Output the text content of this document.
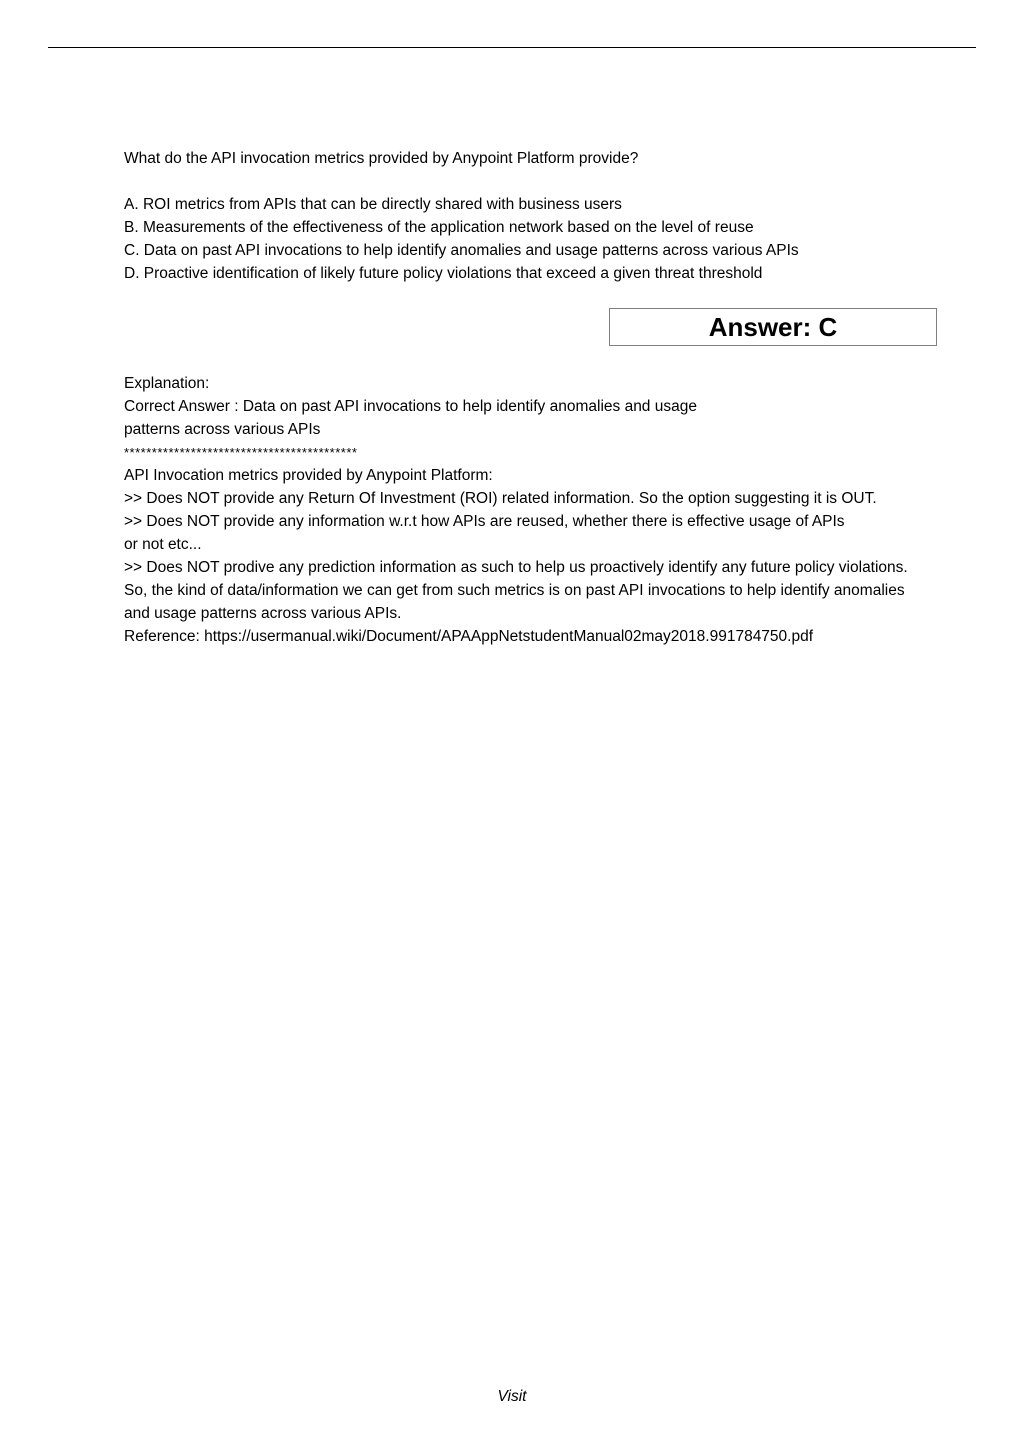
What do the API invocation metrics provided by Anypoint Platform provide?
A. ROI metrics from APIs that can be directly shared with business users
B. Measurements of the effectiveness of the application network based on the level of reuse
C. Data on past API invocations to help identify anomalies and usage patterns across various APIs
D. Proactive identification of likely future policy violations that exceed a given threat threshold
Answer: C
Explanation:
Correct Answer : Data on past API invocations to help identify anomalies and usage
patterns across various APIs
******************************************
API Invocation metrics provided by Anypoint Platform:
>> Does NOT provide any Return Of Investment (ROI) related information. So the option suggesting it is OUT.
>> Does NOT provide any information w.r.t how APIs are reused, whether there is effective usage of APIs
or not etc...
>> Does NOT prodive any prediction information as such to help us proactively identify any future policy violations.
So, the kind of data/information we can get from such metrics is on past API invocations to help identify anomalies and usage patterns across various APIs.
Reference: https://usermanual.wiki/Document/APAAppNetstudentManual02may2018.991784750.pdf
Visit
